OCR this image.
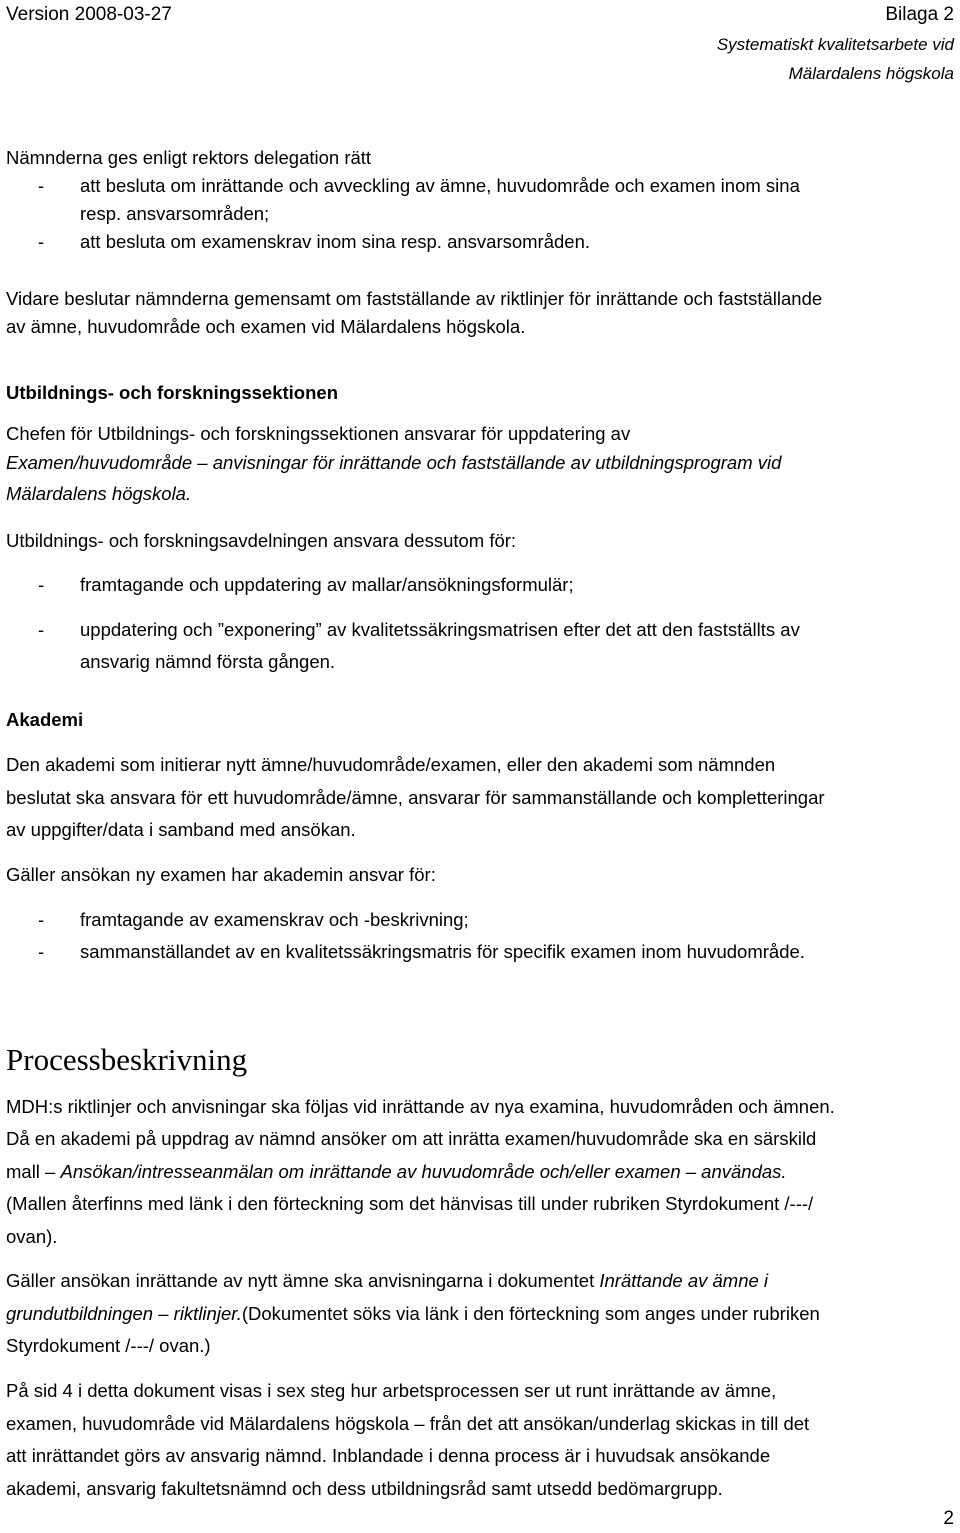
Version 2008-03-27	Bilaga 2
Systematiskt kvalitetsarbete vid
Mälardalens högskola
Nämnderna ges enligt rektors delegation rätt
- att besluta om inrättande och avveckling av ämne, huvudområde och examen inom sina
resp. ansvarsområden;
- att besluta om examenskrav inom sina resp. ansvarsområden.
Vidare beslutar nämnderna gemensamt om fastställande av riktlinjer för inrättande och fastställande
av ämne, huvudområde och examen vid Mälardalens högskola.
Utbildnings- och forskningssektionen
Chefen för Utbildnings- och forskningssektionen ansvarar för uppdatering av
Examen/huvudområde – anvisningar för inrättande och fastställande av utbildningsprogram vid
Mälardalens högskola.
Utbildnings- och forskningsavdelningen ansvara dessutom för:
- framtagande och uppdatering av mallar/ansökningsformulär;
- uppdatering och ”exponering” av kvalitetssäkringsmatrisen efter det att den fastställts av
ansvarig nämnd första gången.
Akademi
Den akademi som initierar nytt ämne/huvudområde/examen, eller den akademi som nämnden
beslutat ska ansvara för ett huvudområde/ämne, ansvarar för sammanställande och kompletteringar
av uppgifter/data i samband med ansökan.
Gäller ansökan ny examen har akademin ansvar för:
- framtagande av examenskrav och -beskrivning;
- sammanställandet av en kvalitetssäkringsmatris för specifik examen inom huvudområde.
Processbeskrivning
MDH:s riktlinjer och anvisningar ska följas vid inrättande av nya examina, huvudområden och ämnen.
Då en akademi på uppdrag av nämnd ansöker om att inrätta examen/huvudområde ska en särskild
mall – Ansökan/intresseanmälan om inrättande av huvudområde och/eller examen – användas.
(Mallen återfinns med länk i den förteckning som det hänvisas till under rubriken Styrdokument /---/
ovan).
Gäller ansökan inrättande av nytt ämne ska anvisningarna i dokumentet Inrättande av ämne i
grundutbildningen – riktlinjer.(Dokumentet söks via länk i den förteckning som anges under rubriken
Styrdokument /---/ ovan.)
På sid 4 i detta dokument visas i sex steg hur arbetsprocessen ser ut runt inrättande av ämne,
examen, huvudområde vid Mälardalens högskola – från det att ansökan/underlag skickas in till det
att inrättandet görs av ansvarig nämnd. Inblandade i denna process är i huvudsak ansökande
akademi, ansvarig fakultetsnämnd och dess utbildningsråd samt utsedd bedömargrupp.
2
